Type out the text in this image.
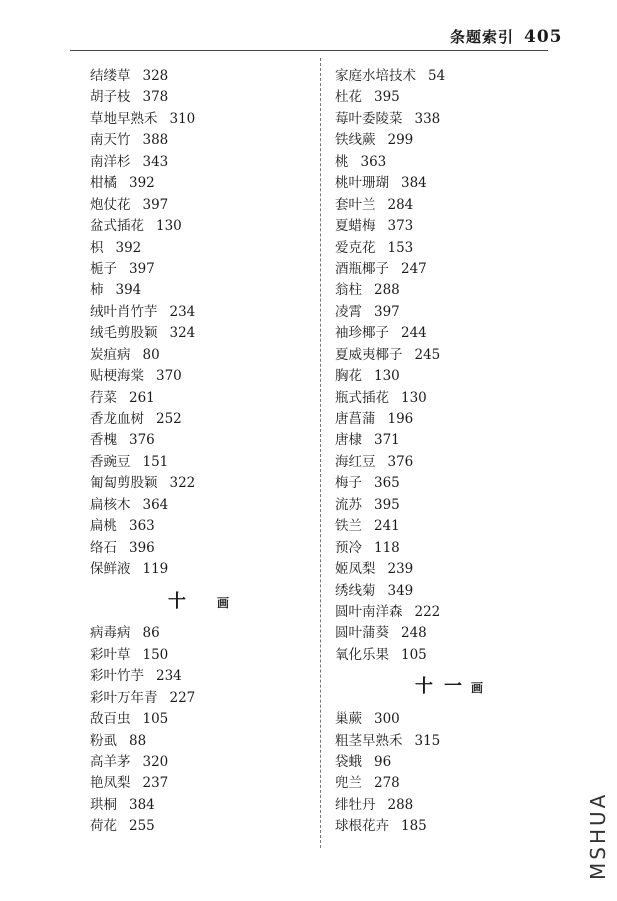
条题索引 405
结缕草 328
胡子枝 378
草地早熟禾 310
南天竹 388
南洋杉 343
柑橘 392
炮仗花 397
盆式插花 130
枳 392
栀子 397
柿 394
绒叶肖竹芋 234
绒毛剪股颖 324
炭疽病 80
贴梗海棠 370
荇菜 261
香龙血树 252
香槐 376
香豌豆 151
匍匐剪股颖 322
扁核木 364
扁桃 363
络石 396
保鲜液 119
十	画
病毒病 86
彩叶草 150
彩叶竹芋 234
彩叶万年青 227
敌百虫 105
粉虱 88
高羊茅 320
艳凤梨 237
珙桐 384
荷花 255
家庭水培技术 54
杜花 395
莓叶委陵菜 338
铁线蕨 299
桃 363
桃叶珊瑚 384
套叶兰 284
夏蜡梅 373
爱克花 153
酒瓶椰子 247
翁柱 288
凌霄 397
袖珍椰子 244
夏威夷椰子 245
胸花 130
瓶式插花 130
唐菖蒲 196
唐棣 371
海红豆 376
梅子 365
流苏 395
铁兰 241
预冷 118
姬凤梨 239
绣线菊 349
圆叶南洋森 222
圆叶蒲葵 248
氧化乐果 105
十 一 画
巢蕨 300
粗茎早熟禾 315
袋蛾 96
兜兰 278
绯牡丹 288
球根花卉 185	MSHUA
